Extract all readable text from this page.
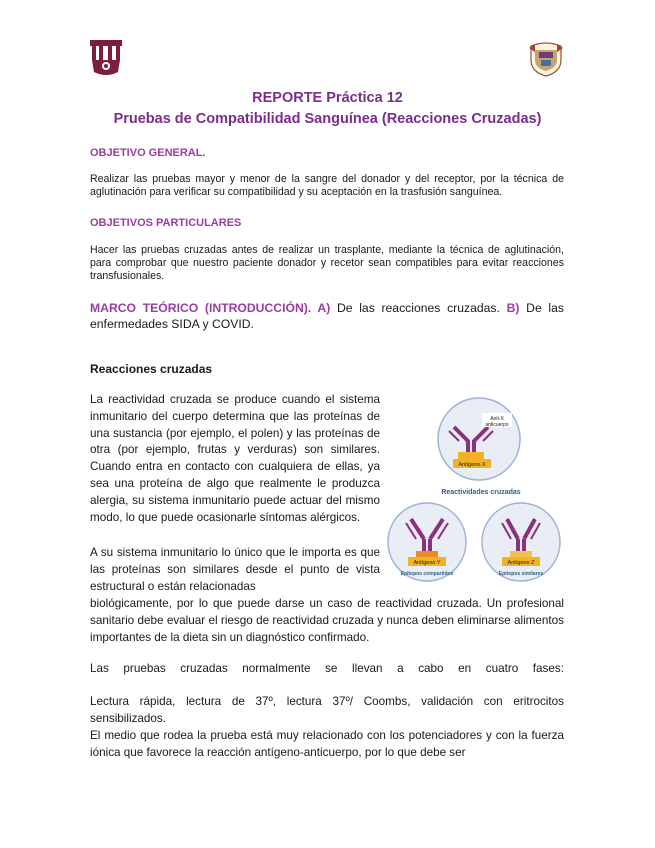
REPORTE Práctica 12
Pruebas de Compatibilidad Sanguínea (Reacciones Cruzadas)
OBJETIVO GENERAL.

Realizar las pruebas mayor y menor de la sangre del donador y del receptor, por la técnica de aglutinación para verificar su compatibilidad y su aceptación en la trasfusión sanguínea.

OBJETIVOS PARTICULARES

Hacer las pruebas cruzadas antes de realizar un trasplante, mediante la técnica de aglutinación, para comprobar que nuestro paciente donador y recetor sean compatibles para evitar reacciones transfusionales.

MARCO TEÓRICO (INTRODUCCIÓN). A) De las reacciones cruzadas. B) De las enfermedades SIDA y COVID.

Reacciones cruzadas

La reactividad cruzada se produce cuando el sistema inmunitario del cuerpo determina que las proteínas de una sustancia (por ejemplo, el polen) y las proteínas de otra (por ejemplo, frutas y verduras) son similares. Cuando entra en contacto con cualquiera de ellas, ya sea una proteína de algo que realmente le produzca alergia, su sistema inmunitario puede actuar del mismo modo, lo que puede ocasionarle síntomas alérgicos.

A su sistema inmunitario lo único que le importa es que las proteínas son similares desde el punto de vista estructural o están relacionadas

biológicamente, por lo que puede darse un caso de reactividad cruzada. Un profesional sanitario debe evaluar el riesgo de reactividad cruzada y nunca deben eliminarse alimentos importantes de la dieta sin un diagnóstico confirmado.

Las pruebas cruzadas normalmente se llevan a cabo en cuatro fases:

Lectura rápida, lectura de 37º, lectura 37º/ Coombs, validación con eritrocitos sensibilizados.

El medio que rodea la prueba está muy relacionado con los potenciadores y con la fuerza iónica que favorece la reacción antígeno-anticuerpo, por lo que debe ser

Antígeno X
Anti-X
anticuerpo
Reactividades cruzadas
Antígeno Y
Epítopos compartidos
Antígeno Z
Epítopos similares
